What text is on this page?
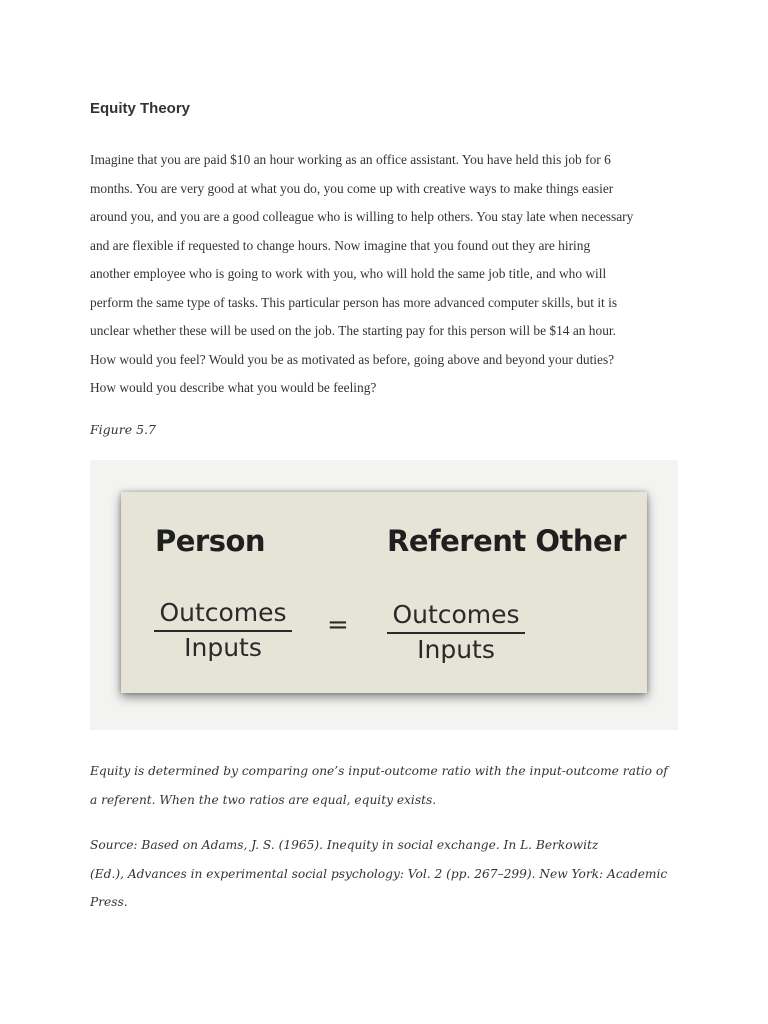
Equity Theory

Imagine that you are paid $10 an hour working as an office assistant. You have held this job for 6
months. You are very good at what you do, you come up with creative ways to make things easier
around you, and you are a good colleague who is willing to help others. You stay late when necessary
and are flexible if requested to change hours. Now imagine that you found out they are hiring
another employee who is going to work with you, who will hold the same job title, and who will
perform the same type of tasks. This particular person has more advanced computer skills, but it is
unclear whether these will be used on the job. The starting pay for this person will be $14 an hour.
How would you feel? Would you be as motivated as before, going above and beyond your duties?
How would you describe what you would be feeling?

Figure 5.7
Person	Referent Other
Outcomes
Inputs
= Outcomes
Inputs
Equity is determined by comparing one’s input-outcome ratio with the input-outcome ratio of
a referent. When the two ratios are equal, equity exists.
Source: Based on Adams, J. S. (1965). Inequity in social exchange. In L. Berkowitz
(Ed.), Advances in experimental social psychology: Vol. 2 (pp. 267–299). New York: Academic
Press.
